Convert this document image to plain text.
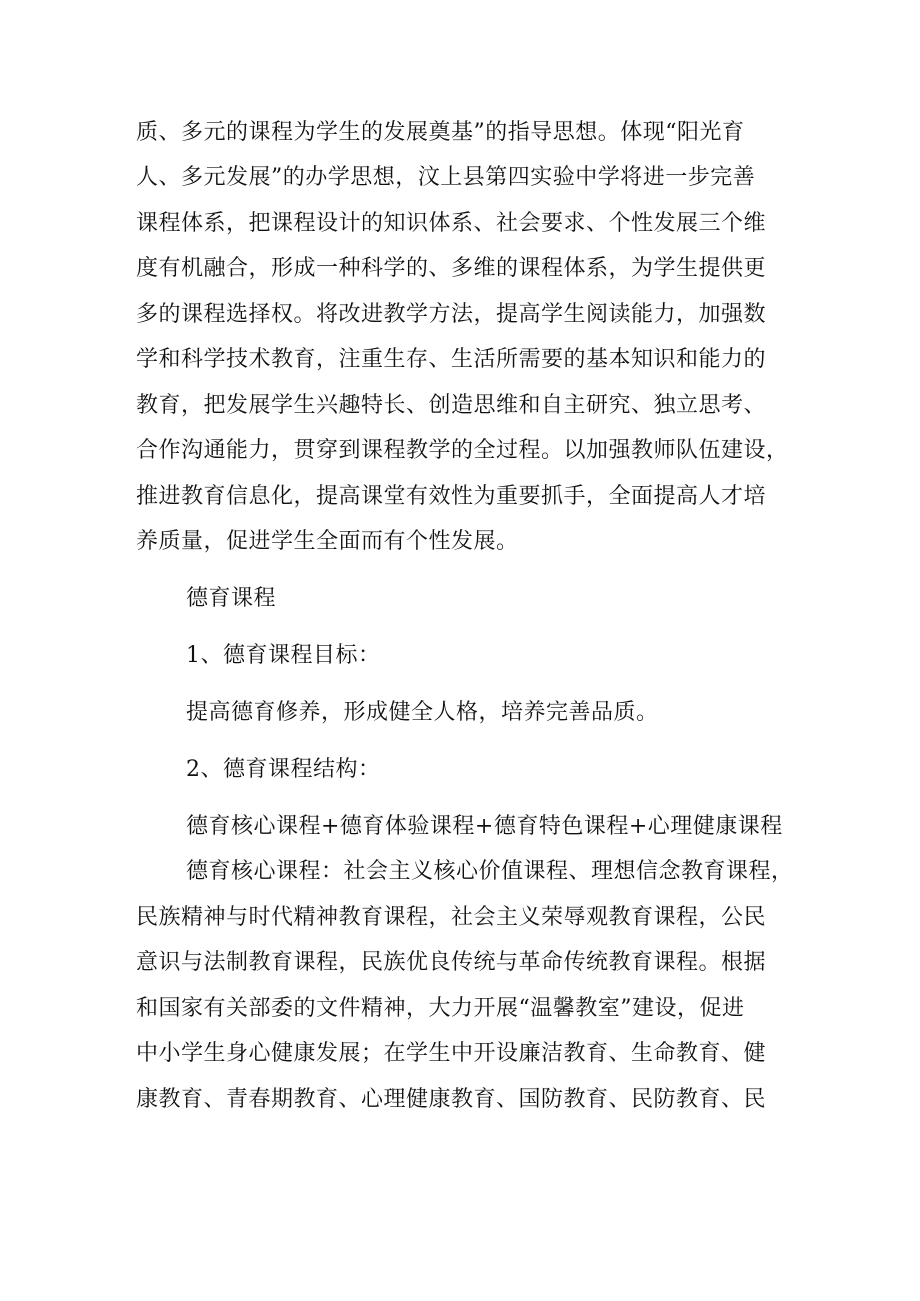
质、多元的课程为学生的发展奠基”的指导思想。体现“阳光育
人、多元发展”的办学思想，汶上县第四实验中学将进一步完善
课程体系，把课程设计的知识体系、社会要求、个性发展三个维
度有机融合，形成一种科学的、多维的课程体系，为学生提供更
多的课程选择权。将改进教学方法，提高学生阅读能力，加强数
学和科学技术教育，注重生存、生活所需要的基本知识和能力的
教育，把发展学生兴趣特长、创造思维和自主研究、独立思考、
合作沟通能力，贯穿到课程教学的全过程。以加强教师队伍建设，
推进教育信息化，提高课堂有效性为重要抓手，全面提高人才培
养质量，促进学生全面而有个性发展。
德育课程
1、德育课程目标：
提高德育修养，形成健全人格，培养完善品质。
2、德育课程结构：
德育核心课程+德育体验课程+德育特色课程+心理健康课程
德育核心课程：社会主义核心价值课程、理想信念教育课程，
民族精神与时代精神教育课程，社会主义荣辱观教育课程，公民
意识与法制教育课程，民族优良传统与革命传统教育课程。根据
和国家有关部委的文件精神，大力开展“温馨教室”建设，促进
中小学生身心健康发展；在学生中开设廉洁教育、生命教育、健
康教育、青春期教育、心理健康教育、国防教育、民防教育、民
